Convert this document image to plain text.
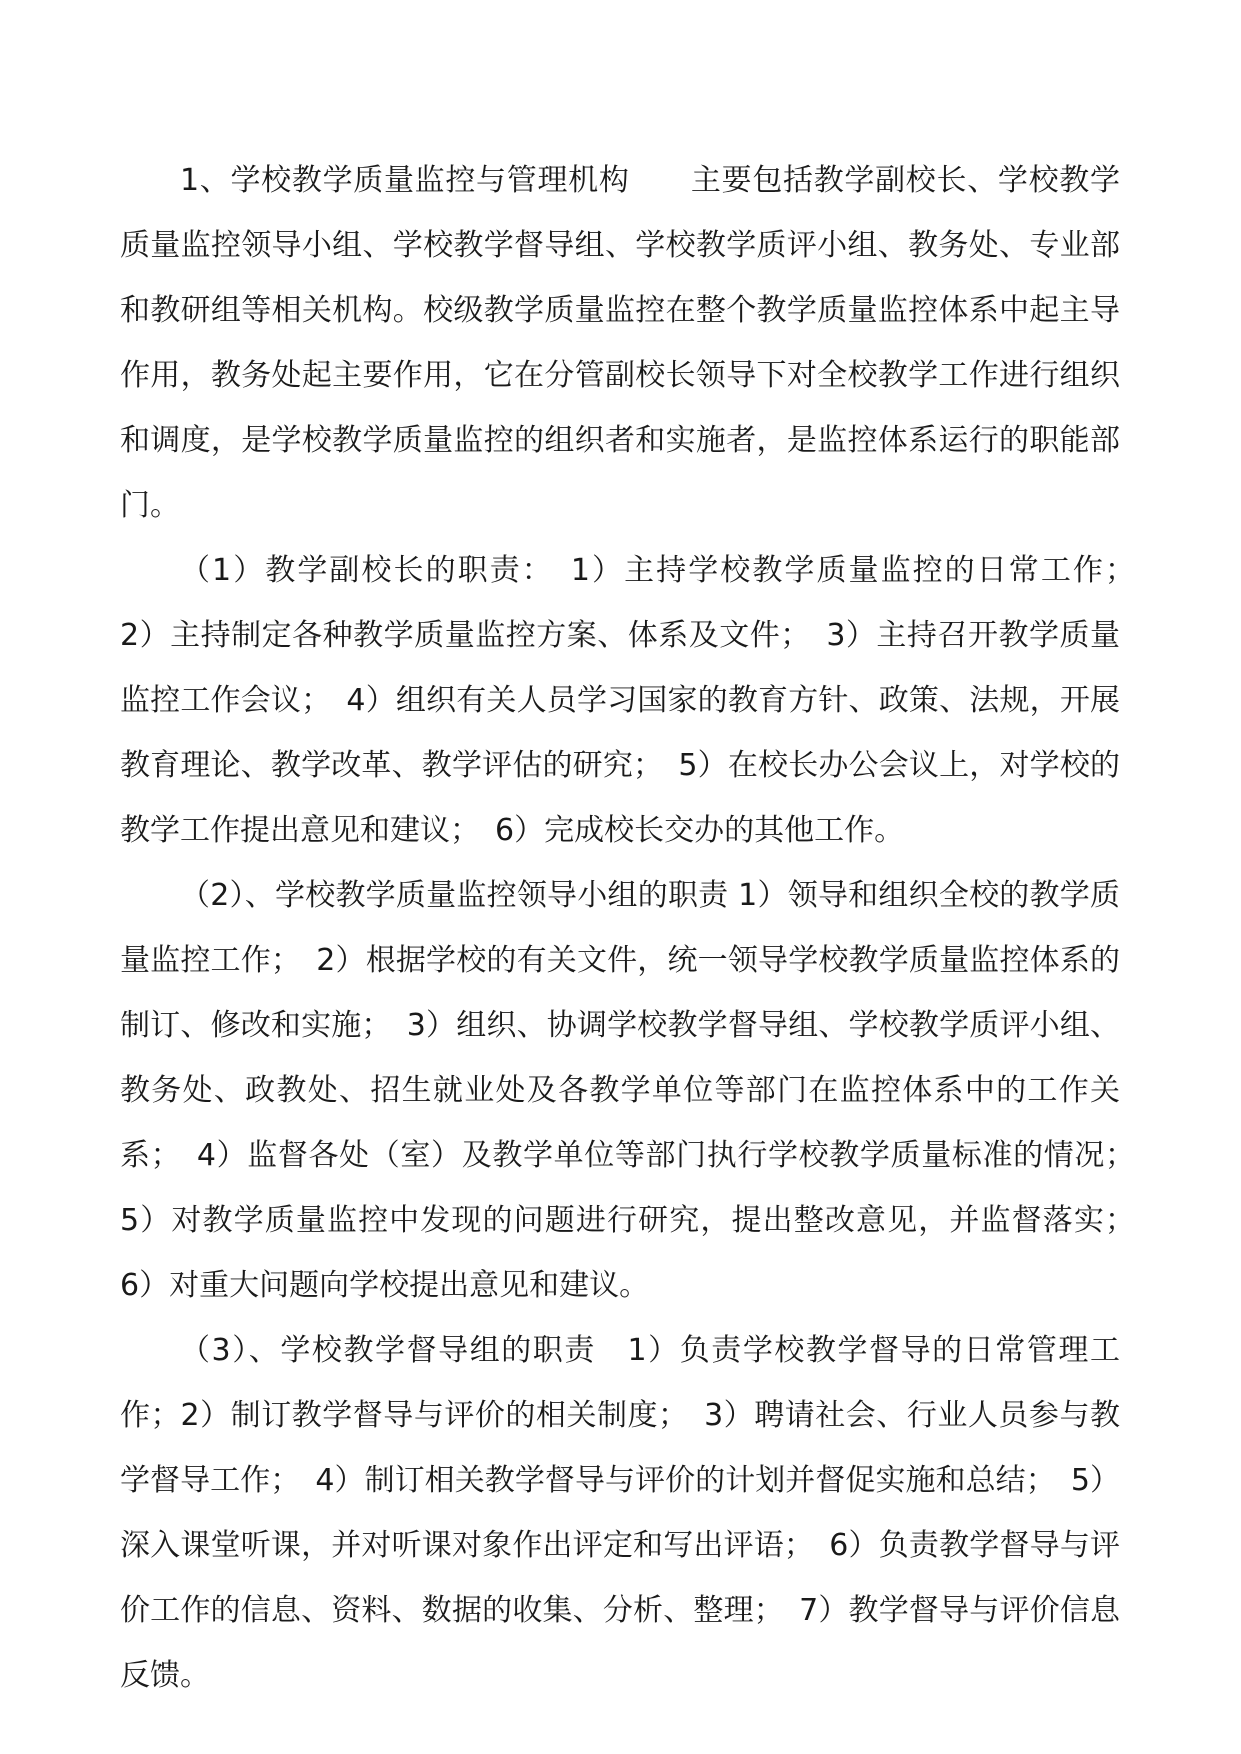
1、学校教学质量监控与管理机构　　主要包括教学副校长、学校教学质量监控领导小组、学校教学督导组、学校教学质评小组、教务处、专业部和教研组等相关机构。校级教学质量监控在整个教学质量监控体系中起主导作用，教务处起主要作用，它在分管副校长领导下对全校教学工作进行组织和调度，是学校教学质量监控的组织者和实施者，是监控体系运行的职能部门。

（1）教学副校长的职责：　1）主持学校教学质量监控的日常工作；　2）主持制定各种教学质量监控方案、体系及文件；　3）主持召开教学质量监控工作会议；　4）组织有关人员学习国家的教育方针、政策、法规，开展教育理论、教学改革、教学评估的研究；　5）在校长办公会议上，对学校的教学工作提出意见和建议；　6）完成校长交办的其他工作。

（2）、学校教学质量监控领导小组的职责 1）领导和组织全校的教学质量监控工作；　2）根据学校的有关文件，统一领导学校教学质量监控体系的制订、修改和实施；　3）组织、协调学校教学督导组、学校教学质评小组、教务处、政教处、招生就业处及各教学单位等部门在监控体系中的工作关系；　4）监督各处（室）及教学单位等部门执行学校教学质量标准的情况；　5）对教学质量监控中发现的问题进行研究，提出整改意见，并监督落实；　6）对重大问题向学校提出意见和建议。

（3）、学校教学督导组的职责　1）负责学校教学督导的日常管理工作；2）制订教学督导与评价的相关制度；　3）聘请社会、行业人员参与教学督导工作；　4）制订相关教学督导与评价的计划并督促实施和总结；　5）深入课堂听课，并对听课对象作出评定和写出评语；　6）负责教学督导与评价工作的信息、资料、数据的收集、分析、整理；　7）教学督导与评价信息反馈。
